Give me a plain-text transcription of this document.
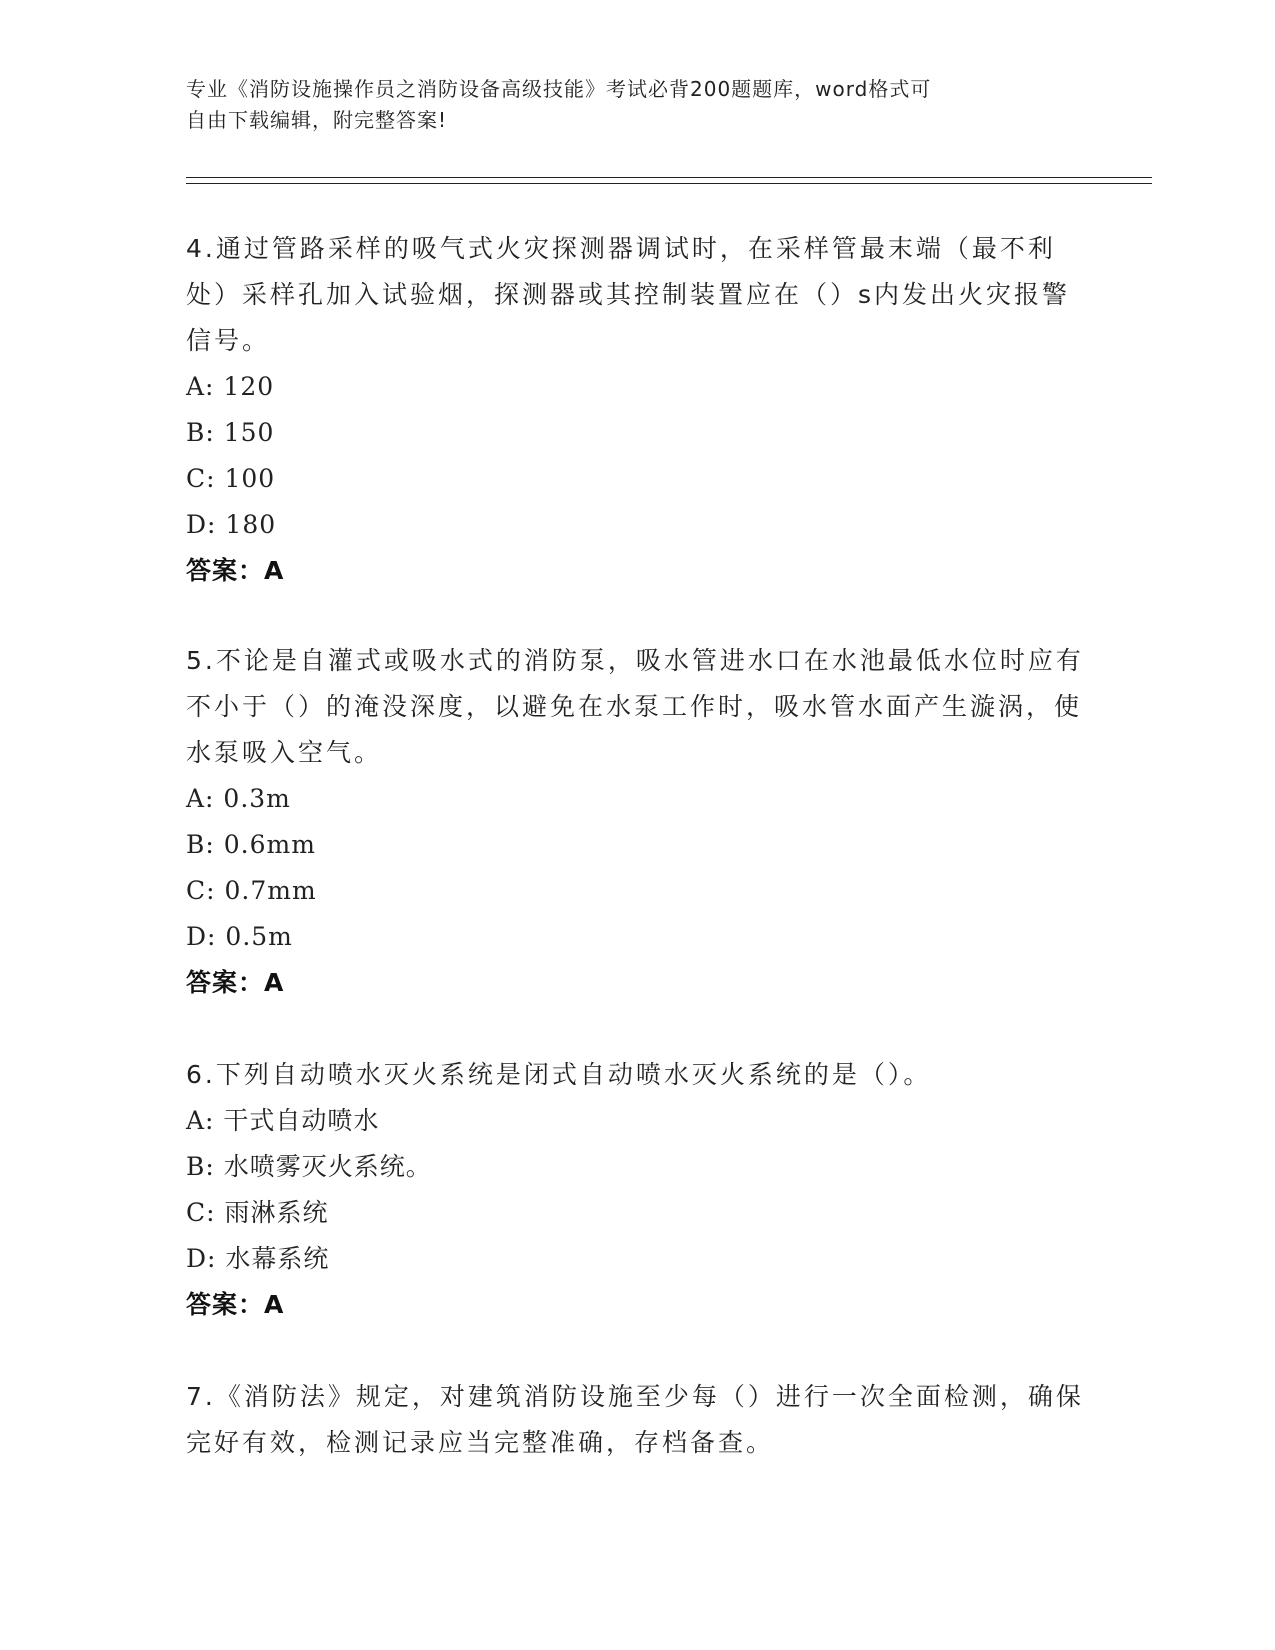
专业《消防设施操作员之消防设备高级技能》考试必背200题题库，word格式可
自由下载编辑，附完整答案!

4.通过管路采样的吸气式火灾探测器调试时，在采样管最末端（最不利处）采样孔加入试验烟，探测器或其控制装置应在（）s内发出火灾报警信号。

A: 120

B: 150

C: 100

D: 180

答案：A

5.不论是自灌式或吸水式的消防泵，吸水管进水口在水池最低水位时应有不小于（）的淹没深度，以避免在水泵工作时，吸水管水面产生漩涡，使水泵吸入空气。

A: 0.3m

B: 0.6mm

C: 0.7mm

D: 0.5m

答案：A

6.下列自动喷水灭火系统是闭式自动喷水灭火系统的是（）。

A: 干式自动喷水

B: 水喷雾灭火系统。

C: 雨淋系统

D: 水幕系统

答案：A

7.《消防法》规定，对建筑消防设施至少每（）进行一次全面检测，确保完好有效，检测记录应当完整准确，存档备查。
